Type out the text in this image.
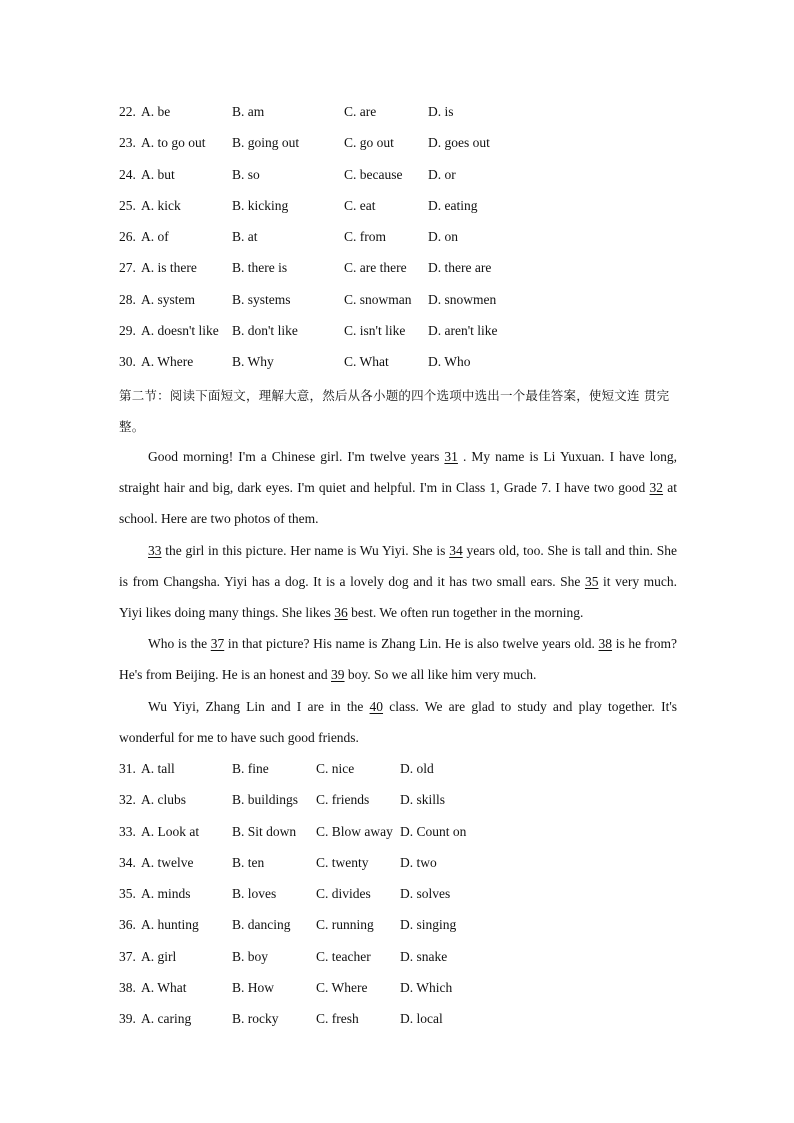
22. A. be	B. am	C. are	D. is
23. A. to go out B. going out	C. go out	D. goes out
24. A. but	B. so	C. because D. or
25. A. kick	B. kicking	C. eat	D. eating
26. A. of	B. at	C. from	D. on
27. A. is there	B. there is	C. are there D. there are
28. A. system	B. systems	C. snowman D. snowmen
29. A. doesn't like B. don't like	C. isn't like D. aren't like
30. A. Where	B. Why	C. What	D. Who
第二节：阅读下面短文，理解大意，然后从各小题的四个选项中选出一个最佳答案，使短文连 贯完整。

Good morning! I'm a Chinese girl. I'm twelve years 31 . My name is Li Yuxuan. I have long, straight hair and big, dark eyes. I'm quiet and helpful. I'm in Class 1, Grade 7. I have two good 32 at school. Here are two photos of them.

33 the girl in this picture. Her name is Wu Yiyi. She is 34 years old, too. She is tall and thin. She is from Changsha. Yiyi has a dog. It is a lovely dog and it has two small ears. She 35 it very much. Yiyi likes doing many things. She likes 36 best. We often run together in the morning.

Who is the 37 in that picture? His name is Zhang Lin. He is also twelve years old. 38 is he from? He's from Beijing. He is an honest and 39 boy. So we all like him very much.

Wu Yiyi, Zhang Lin and I are in the 40 class. We are glad to study and play together. It's wonderful for me to have such good friends.

31. A. tall	B. fine	C. nice	D. old
32. A. clubs	B. buildings C. friends D. skills
33. A. Look at B. Sit down C. Blow away D. Count on
34. A. twelve	B. ten	C. twenty D. two
35. A. minds	B. loves	C. divides D. solves
36. A. hunting B. dancing C. running D. singing
37. A. girl	B. boy	C. teacher D. snake
38. A. What	B. How	C. Where D. Which
39. A. caring	B. rocky	C. fresh	D. local
